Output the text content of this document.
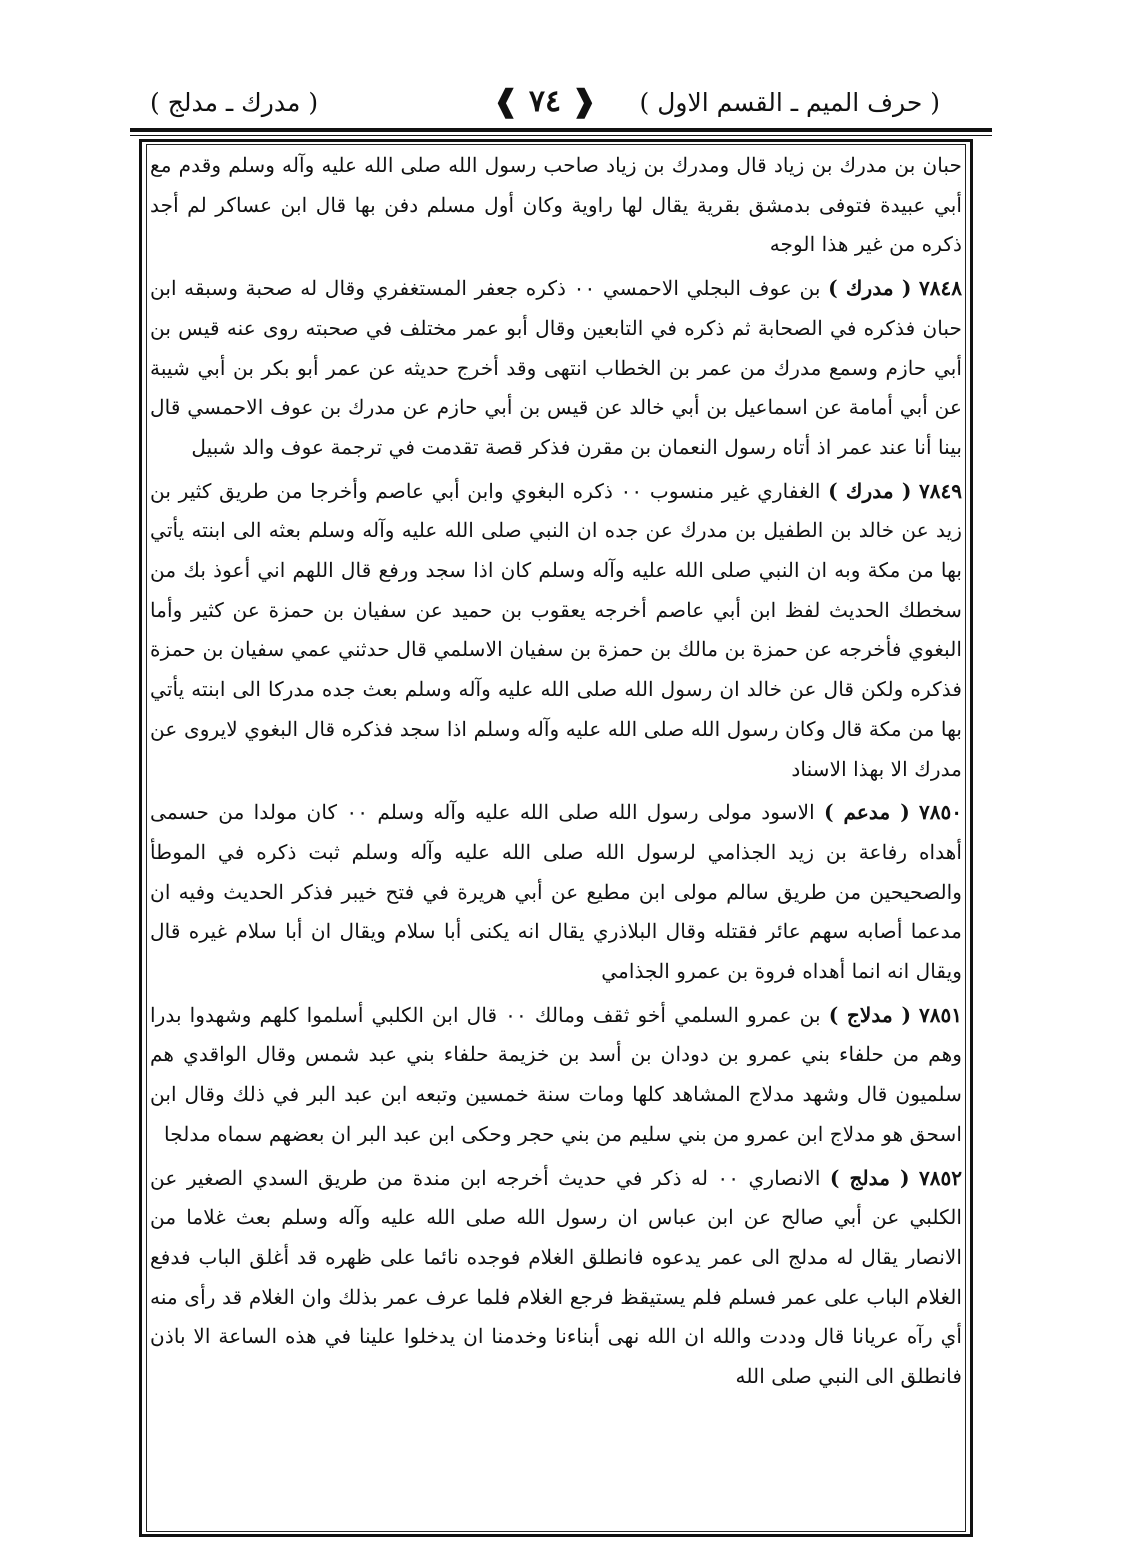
( حرف الميم ـ القسم الاول )
❰ ٧٤ ❱
( مدرك ـ مدلج )

حبان بن مدرك بن زياد قال ومدرك بن زياد صاحب رسول الله صلى الله عليه وآله وسلم وقدم مع أبي عبيدة فتوفى بدمشق بقرية يقال لها راوية وكان أول مسلم دفن بها قال ابن عساكر لم أجد ذكره من غير هذا الوجه

٧٨٤٨ ( مدرك ) بن عوف البجلي الاحمسي ٠٠ ذكره جعفر المستغفري وقال له صحبة وسبقه ابن حبان فذكره في الصحابة ثم ذكره في التابعين وقال أبو عمر مختلف في صحبته روى عنه قيس بن أبي حازم وسمع مدرك من عمر بن الخطاب انتهى وقد أخرج حديثه عن عمر أبو بكر بن أبي شيبة عن أبي أمامة عن اسماعيل بن أبي خالد عن قيس بن أبي حازم عن مدرك بن عوف الاحمسي قال بينا أنا عند عمر اذ أتاه رسول النعمان بن مقرن فذكر قصة تقدمت في ترجمة عوف والد شبيل

٧٨٤٩ ( مدرك ) الغفاري غير منسوب ٠٠ ذكره البغوي وابن أبي عاصم وأخرجا من طريق كثير بن زيد عن خالد بن الطفيل بن مدرك عن جده ان النبي صلى الله عليه وآله وسلم بعثه الى ابنته يأتي بها من مكة وبه ان النبي صلى الله عليه وآله وسلم كان اذا سجد ورفع قال اللهم اني أعوذ بك من سخطك الحديث لفظ ابن أبي عاصم أخرجه يعقوب بن حميد عن سفيان بن حمزة عن كثير وأما البغوي فأخرجه عن حمزة بن مالك بن حمزة بن سفيان الاسلمي قال حدثني عمي سفيان بن حمزة فذكره ولكن قال عن خالد ان رسول الله صلى الله عليه وآله وسلم بعث جده مدركا الى ابنته يأتي بها من مكة قال وكان رسول الله صلى الله عليه وآله وسلم اذا سجد فذكره قال البغوي لايروى عن مدرك الا بهذا الاسناد

٧٨٥٠ ( مدعم ) الاسود مولى رسول الله صلى الله عليه وآله وسلم ٠٠ كان مولدا من حسمى أهداه رفاعة بن زيد الجذامي لرسول الله صلى الله عليه وآله وسلم ثبت ذكره في الموطأ والصحيحين من طريق سالم مولى ابن مطيع عن أبي هريرة في فتح خيبر فذكر الحديث وفيه ان مدعما أصابه سهم عائر فقتله وقال البلاذري يقال انه يكنى أبا سلام ويقال ان أبا سلام غيره قال ويقال انه انما أهداه فروة بن عمرو الجذامي

٧٨٥١ ( مدلاج ) بن عمرو السلمي أخو ثقف ومالك ٠٠ قال ابن الكلبي أسلموا كلهم وشهدوا بدرا وهم من حلفاء بني عمرو بن دودان بن أسد بن خزيمة حلفاء بني عبد شمس وقال الواقدي هم سلميون قال وشهد مدلاج المشاهد كلها ومات سنة خمسين وتبعه ابن عبد البر في ذلك وقال ابن اسحق هو مدلاج ابن عمرو من بني سليم من بني حجر وحكى ابن عبد البر ان بعضهم سماه مدلجا

٧٨٥٢ ( مدلج ) الانصاري ٠٠ له ذكر في حديث أخرجه ابن مندة من طريق السدي الصغير عن الكلبي عن أبي صالح عن ابن عباس ان رسول الله صلى الله عليه وآله وسلم بعث غلاما من الانصار يقال له مدلج الى عمر يدعوه فانطلق الغلام فوجده نائما على ظهره قد أغلق الباب فدفع الغلام الباب على عمر فسلم فلم يستيقظ فرجع الغلام فلما عرف عمر بذلك وان الغلام قد رأى منه أي رآه عريانا قال وددت والله ان الله نهى أبناءنا وخدمنا ان يدخلوا علينا في هذه الساعة الا باذن فانطلق الى النبي صلى الله
